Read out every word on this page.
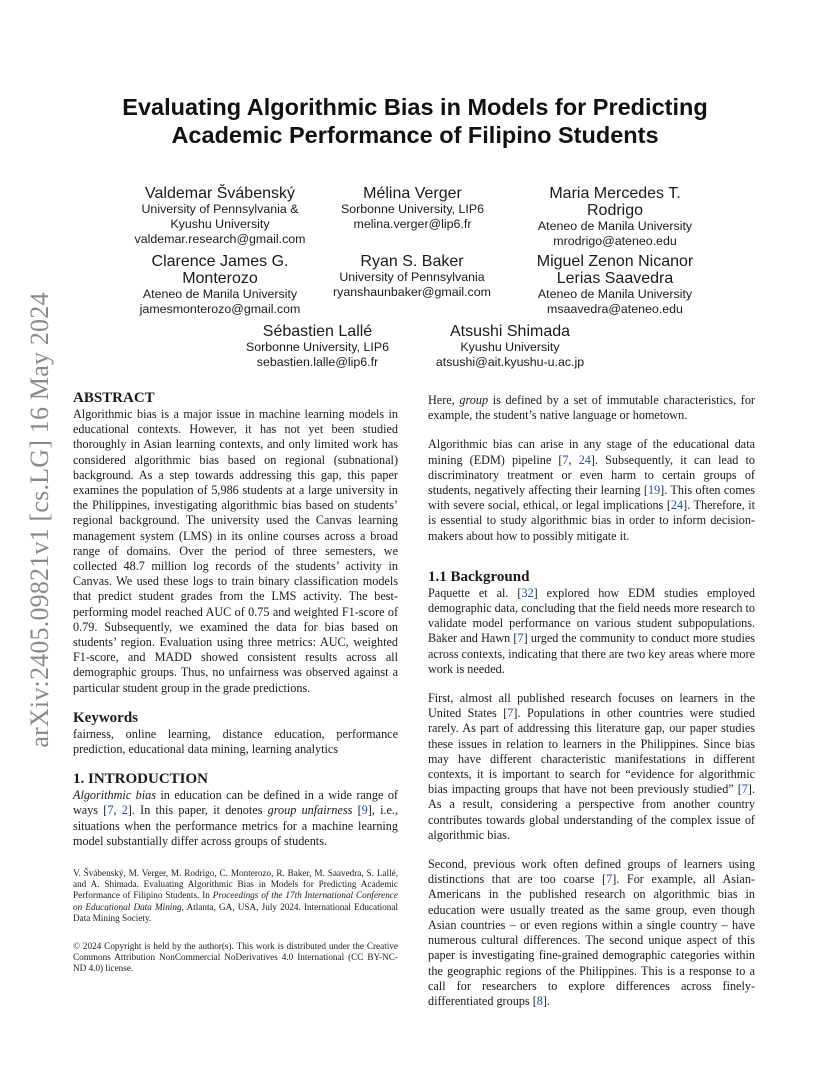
arXiv:2405.09821v1 [cs.LG] 16 May 2024
Evaluating Algorithmic Bias in Models for Predicting
Academic Performance of Filipino Students
Valdemar Švábenský
University of Pennsylvania &
Kyushu University
valdemar.research@gmail.com
Mélina Verger
Sorbonne University, LIP6
melina.verger@lip6.fr
Maria Mercedes T.
Rodrigo
Ateneo de Manila University
mrodrigo@ateneo.edu
Clarence James G.
Monterozo
Ateneo de Manila University
jamesmonterozo@gmail.com
Ryan S. Baker
University of Pennsylvania
ryanshaunbaker@gmail.com
Miguel Zenon Nicanor
Lerias Saavedra
Ateneo de Manila University
msaavedra@ateneo.edu
Sébastien Lallé
Sorbonne University, LIP6
sebastien.lalle@lip6.fr
Atsushi Shimada
Kyushu University
atsushi@ait.kyushu-u.ac.jp

ABSTRACT

Algorithmic bias is a major issue in machine learning models in educational contexts. However, it has not yet been studied thoroughly in Asian learning contexts, and only limited work has considered algorithmic bias based on regional (subnational) background. As a step towards addressing this gap, this paper examines the population of 5,986 students at a large university in the Philippines, investigating algorithmic bias based on students’ regional background. The university used the Canvas learning management system (LMS) in its online courses across a broad range of domains. Over the period of three semesters, we collected 48.7 million log records of the students’ activity in Canvas. We used these logs to train binary classification models that predict student grades from the LMS activity. The best-performing model reached AUC of 0.75 and weighted F1-score of 0.79. Subsequently, we examined the data for bias based on students’ region. Evaluation using three metrics: AUC, weighted F1-score, and MADD showed consistent results across all demographic groups. Thus, no unfairness was observed against a particular student group in the grade predictions.

Keywords

fairness, online learning, distance education, performance prediction, educational data mining, learning analytics

1. INTRODUCTION

Algorithmic bias in education can be defined in a wide range of ways [7, 2]. In this paper, it denotes group unfairness [9], i.e., situations when the performance metrics for a machine learning model substantially differ across groups of students.

V. Švábenský, M. Verger, M. Rodrigo, C. Monterozo, R. Baker, M. Saavedra, S. Lallé, and A. Shimada. Evaluating Algorithmic Bias in Models for Predicting Academic Performance of Filipino Students. In Proceedings of the 17th International Conference on Educational Data Mining, Atlanta, GA, USA, July 2024. International Educational Data Mining Society.
© 2024 Copyright is held by the author(s). This work is distributed under the Creative Commons Attribution NonCommercial NoDerivatives 4.0 International (CC BY-NC-ND 4.0) license.

Here, group is defined by a set of immutable characteristics, for example, the student’s native language or hometown.

Algorithmic bias can arise in any stage of the educational data mining (EDM) pipeline [7, 24]. Subsequently, it can lead to discriminatory treatment or even harm to certain groups of students, negatively affecting their learning [19]. This often comes with severe social, ethical, or legal implications [24]. Therefore, it is essential to study algorithmic bias in order to inform decision-makers about how to possibly mitigate it.

1.1 Background

Paquette et al. [32] explored how EDM studies employed demographic data, concluding that the field needs more research to validate model performance on various student subpopulations. Baker and Hawn [7] urged the community to conduct more studies across contexts, indicating that there are two key areas where more work is needed.

First, almost all published research focuses on learners in the United States [7]. Populations in other countries were studied rarely. As part of addressing this literature gap, our paper studies these issues in relation to learners in the Philippines. Since bias may have different characteristic manifestations in different contexts, it is important to search for “evidence for algorithmic bias impacting groups that have not been previously studied” [7]. As a result, considering a perspective from another country contributes towards global understanding of the complex issue of algorithmic bias.

Second, previous work often defined groups of learners using distinctions that are too coarse [7]. For example, all Asian-Americans in the published research on algorithmic bias in education were usually treated as the same group, even though Asian countries – or even regions within a single country – have numerous cultural differences. The second unique aspect of this paper is investigating fine-grained demographic categories within the geographic regions of the Philippines. This is a response to a call for researchers to explore differences across finely-differentiated groups [8].
